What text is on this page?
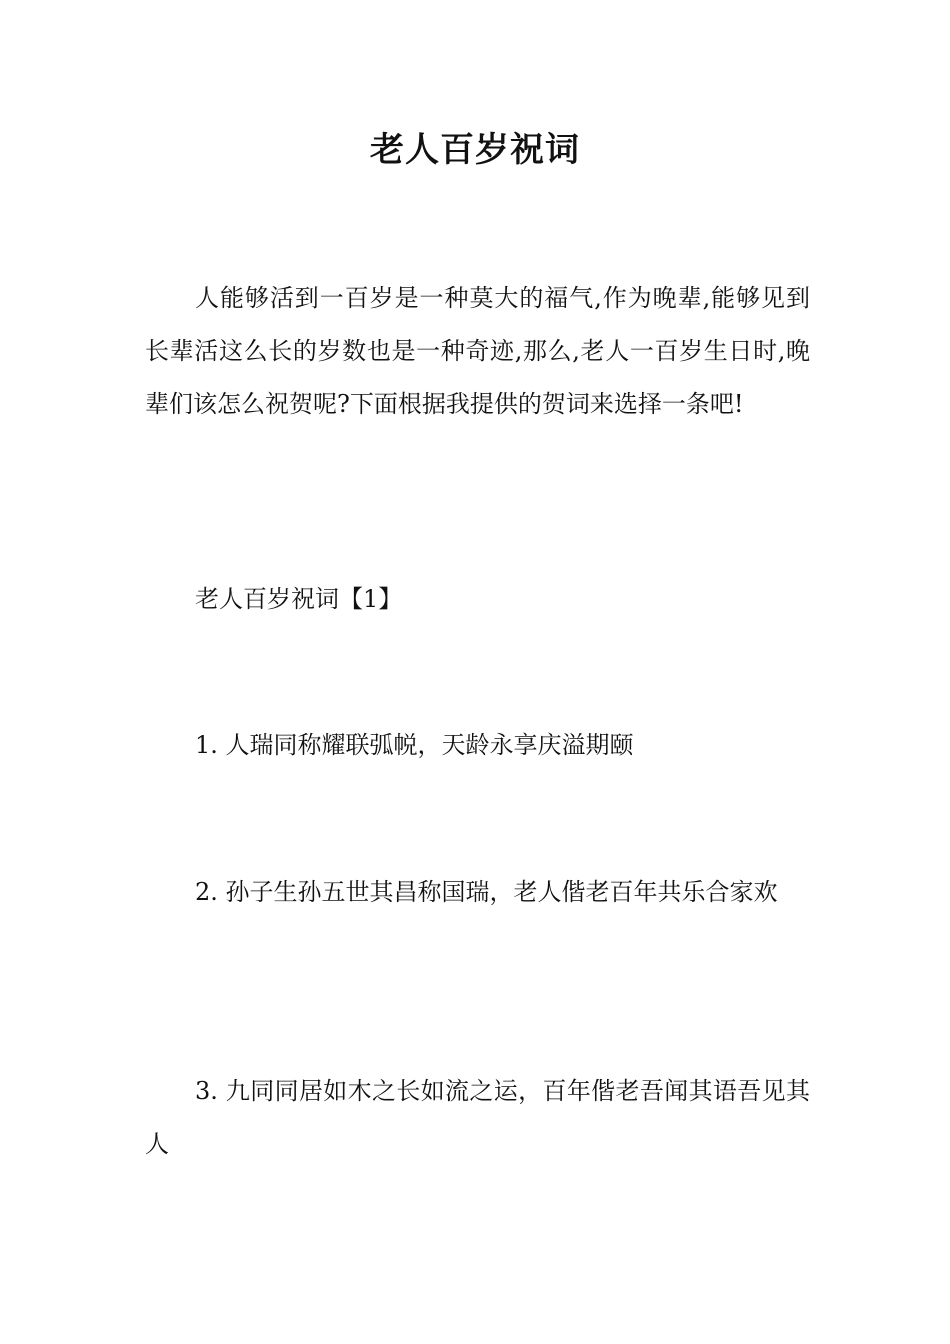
老人百岁祝词

人能够活到一百岁是一种莫大的福气,作为晚辈,能够见到长辈活这么长的岁数也是一种奇迹,那么,老人一百岁生日时,晚辈们该怎么祝贺呢?下面根据我提供的贺词来选择一条吧!

老人百岁祝词【1】

1. 人瑞同称耀联弧帨，天龄永享庆溢期颐

2. 孙子生孙五世其昌称国瑞，老人偕老百年共乐合家欢

3. 九同同居如木之长如流之运，百年偕老吾闻其语吾见其人
